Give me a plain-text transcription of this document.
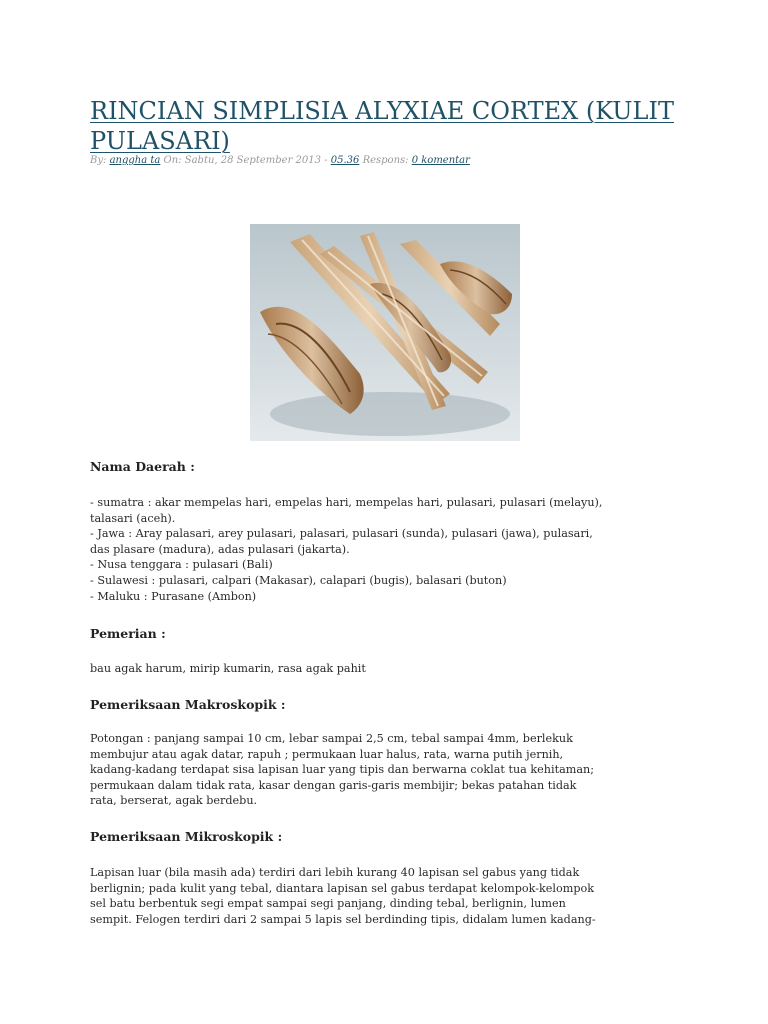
RINCIAN SIMPLISIA ALYXIAE CORTEX (KULIT PULASARI)
By: anggha ta On: Sabtu, 28 September 2013 - 05.36 Respons: 0 komentar
Nama Daerah :
- sumatra : akar mempelas hari, empelas hari, mempelas hari, pulasari, pulasari (melayu),
talasari (aceh).
- Jawa : Aray palasari, arey pulasari, palasari, pulasari (sunda), pulasari (jawa), pulasari,
das plasare (madura), adas pulasari (jakarta).
- Nusa tenggara : pulasari (Bali)
- Sulawesi : pulasari, calpari (Makasar), calapari (bugis), balasari (buton)
- Maluku : Purasane (Ambon)
Pemerian :
bau agak harum, mirip kumarin, rasa agak pahit
Pemeriksaan Makroskopik :
Potongan : panjang sampai 10 cm, lebar sampai 2,5 cm, tebal sampai 4mm, berlekuk
membujur atau agak datar, rapuh ; permukaan luar halus, rata, warna putih jernih,
kadang-kadang terdapat sisa lapisan luar yang tipis dan berwarna coklat tua kehitaman;
permukaan dalam tidak rata, kasar dengan garis-garis membijir; bekas patahan tidak
rata, berserat, agak berdebu.
Pemeriksaan Mikroskopik :
Lapisan luar (bila masih ada) terdiri dari lebih kurang 40 lapisan sel gabus yang tidak
berlignin; pada kulit yang tebal, diantara lapisan sel gabus terdapat kelompok-kelompok
sel batu berbentuk segi empat sampai segi panjang, dinding tebal, berlignin, lumen
sempit. Felogen terdiri dari 2 sampai 5 lapis sel berdinding tipis, didalam lumen kadang-
